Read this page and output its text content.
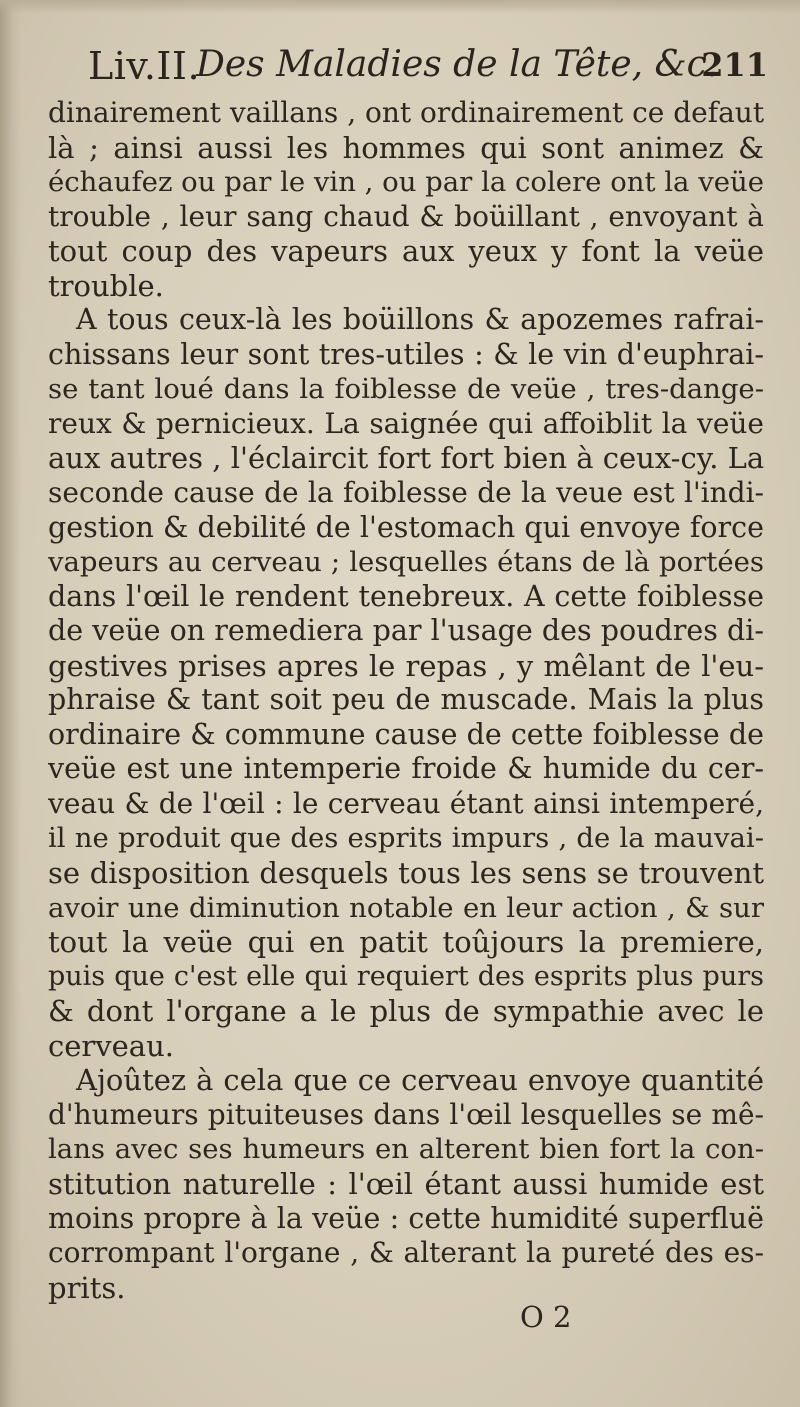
Liv.II.
Des Maladies de la Tête, &c.
211
dinairement vaillans , ont ordinairement ce defaut
là ; ainsi aussi les hommes qui sont animez &
échaufez ou par le vin , ou par la colere ont la veüe
trouble , leur sang chaud & boüillant , envoyant à
tout coup des vapeurs aux yeux y font la veüe
trouble.
A tous ceux-là les boüillons & apozemes rafrai-
chissans leur sont tres-utiles : & le vin d'euphrai-
se tant loué dans la foiblesse de veüe , tres-dange-
reux & pernicieux. La saignée qui affoiblit la veüe
aux autres , l'éclaircit fort fort bien à ceux-cy. La
seconde cause de la foiblesse de la veue est l'indi-
gestion & debilité de l'estomach qui envoye force
vapeurs au cerveau ; lesquelles étans de là portées
dans l'œil le rendent tenebreux. A cette foiblesse
de veüe on remediera par l'usage des poudres di-
gestives prises apres le repas , y mêlant de l'eu-
phraise & tant soit peu de muscade. Mais la plus
ordinaire & commune cause de cette foiblesse de
veüe est une intemperie froide & humide du cer-
veau & de l'œil : le cerveau étant ainsi intemperé,
il ne produit que des esprits impurs , de la mauvai-
se disposition desquels tous les sens se trouvent
avoir une diminution notable en leur action , & sur
tout la veüe qui en patit toûjours la premiere,
puis que c'est elle qui requiert des esprits plus purs
& dont l'organe a le plus de sympathie avec le
cerveau.
Ajoûtez à cela que ce cerveau envoye quantité
d'humeurs pituiteuses dans l'œil lesquelles se mê-
lans avec ses humeurs en alterent bien fort la con-
stitution naturelle : l'œil étant aussi humide est
moins propre à la veüe : cette humidité superfluë
corrompant l'organe , & alterant la pureté des es-
prits.
O 2
